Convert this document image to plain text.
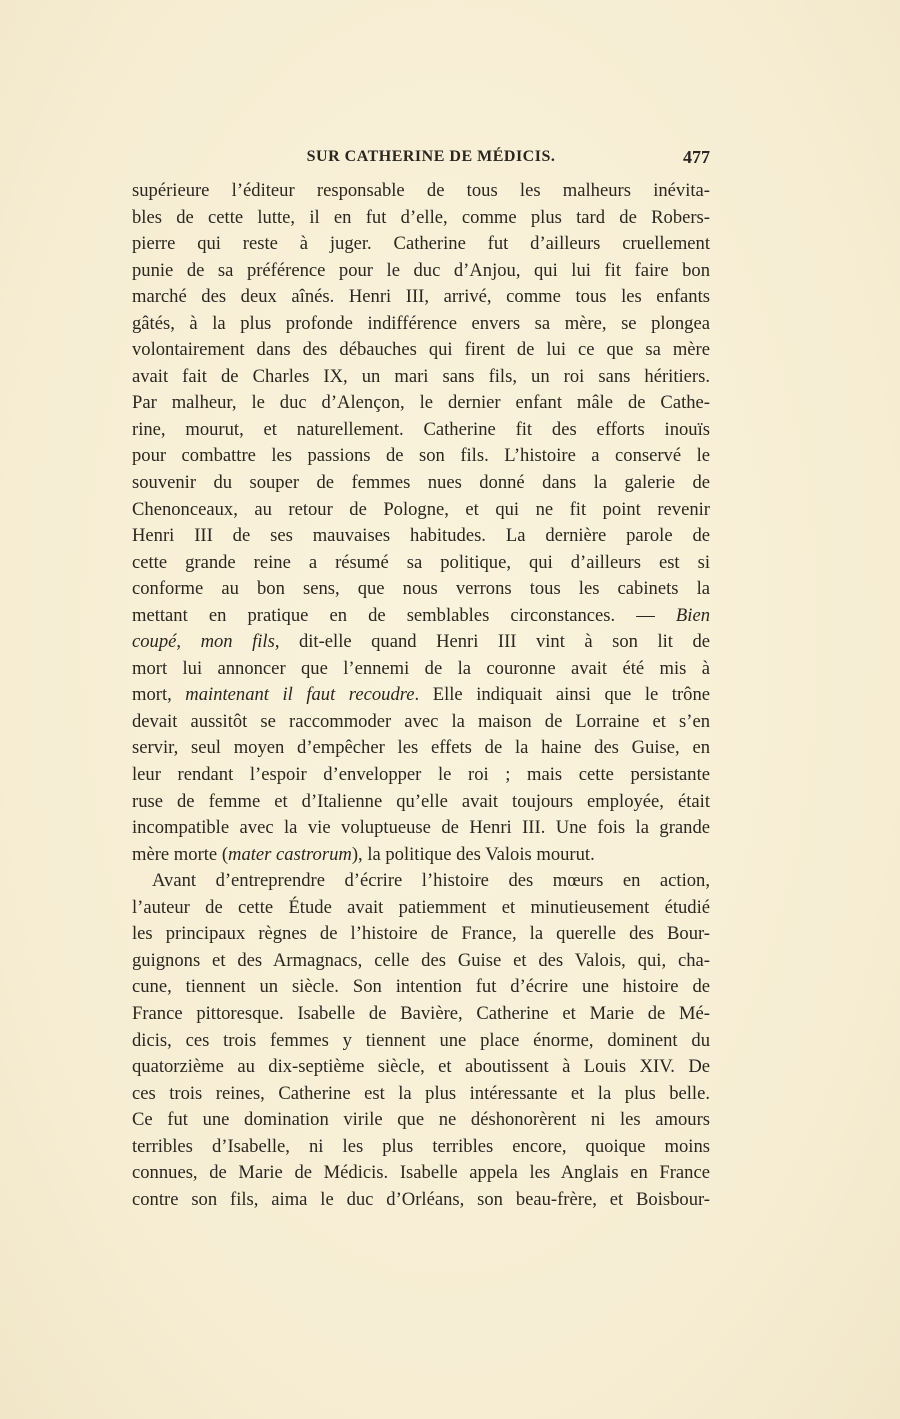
SUR CATHERINE DE MÉDICIS.	477
supérieure l’éditeur responsable de tous les malheurs inévita-
bles de cette lutte, il en fut d’elle, comme plus tard de Robers-
pierre qui reste à juger. Catherine fut d’ailleurs cruellement
punie de sa préférence pour le duc d’Anjou, qui lui fit faire bon
marché des deux aînés. Henri III, arrivé, comme tous les enfants
gâtés, à la plus profonde indifférence envers sa mère, se plongea
volontairement dans des débauches qui firent de lui ce que sa mère
avait fait de Charles IX, un mari sans fils, un roi sans héritiers.
Par malheur, le duc d’Alençon, le dernier enfant mâle de Cathe-
rine, mourut, et naturellement. Catherine fit des efforts inouïs
pour combattre les passions de son fils. L’histoire a conservé le
souvenir du souper de femmes nues donné dans la galerie de
Chenonceaux, au retour de Pologne, et qui ne fit point revenir
Henri III de ses mauvaises habitudes. La dernière parole de
cette grande reine a résumé sa politique, qui d’ailleurs est si
conforme au bon sens, que nous verrons tous les cabinets la
mettant en pratique en de semblables circonstances. — Bien
coupé, mon fils, dit-elle quand Henri III vint à son lit de
mort lui annoncer que l’ennemi de la couronne avait été mis à
mort, maintenant il faut recoudre. Elle indiquait ainsi que le trône
devait aussitôt se raccommoder avec la maison de Lorraine et s’en
servir, seul moyen d’empêcher les effets de la haine des Guise, en
leur rendant l’espoir d’envelopper le roi ; mais cette persistante
ruse de femme et d’Italienne qu’elle avait toujours employée, était
incompatible avec la vie voluptueuse de Henri III. Une fois la grande
mère morte (mater castrorum), la politique des Valois mourut.
Avant d’entreprendre d’écrire l’histoire des mœurs en action,
l’auteur de cette Étude avait patiemment et minutieusement étudié
les principaux règnes de l’histoire de France, la querelle des Bour-
guignons et des Armagnacs, celle des Guise et des Valois, qui, cha-
cune, tiennent un siècle. Son intention fut d’écrire une histoire de
France pittoresque. Isabelle de Bavière, Catherine et Marie de Mé-
dicis, ces trois femmes y tiennent une place énorme, dominent du
quatorzième au dix-septième siècle, et aboutissent à Louis XIV. De
ces trois reines, Catherine est la plus intéressante et la plus belle.
Ce fut une domination virile que ne déshonorèrent ni les amours
terribles d’Isabelle, ni les plus terribles encore, quoique moins
connues, de Marie de Médicis. Isabelle appela les Anglais en France
contre son fils, aima le duc d’Orléans, son beau-frère, et Boisbour-
